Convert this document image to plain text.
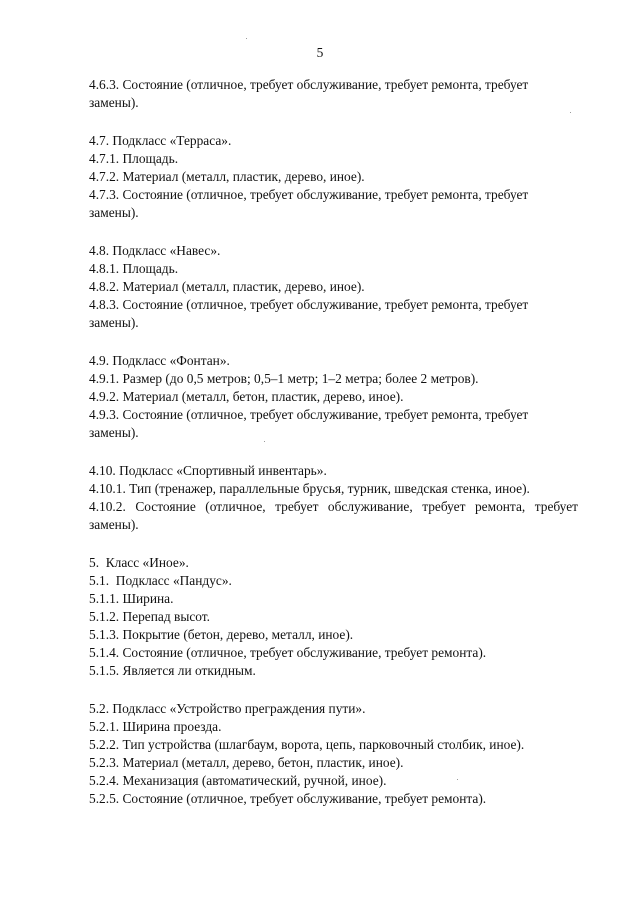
5

4.6.3. Состояние (отличное, требует обслуживание, требует ремонта, требует замены).

4.7. Подкласс «Терраса».

4.7.1. Площадь.

4.7.2. Материал (металл, пластик, дерево, иное).

4.7.3. Состояние (отличное, требует обслуживание, требует ремонта, требует замены).

4.8. Подкласс «Навес».

4.8.1. Площадь.

4.8.2. Материал (металл, пластик, дерево, иное).

4.8.3. Состояние (отличное, требует обслуживание, требует ремонта, требует замены).

4.9. Подкласс «Фонтан».

4.9.1. Размер (до 0,5 метров; 0,5–1 метр; 1–2 метра; более 2 метров).

4.9.2. Материал (металл, бетон, пластик, дерево, иное).

4.9.3. Состояние (отличное, требует обслуживание, требует ремонта, требует замены).

4.10. Подкласс «Спортивный инвентарь».

4.10.1. Тип (тренажер, параллельные брусья, турник, шведская стенка, иное).

4.10.2. Состояние (отличное, требует обслуживание, требует ремонта, требует замены).

5.  Класс «Иное».

5.1.  Подкласс «Пандус».

5.1.1. Ширина.

5.1.2. Перепад высот.

5.1.3. Покрытие (бетон, дерево, металл, иное).

5.1.4. Состояние (отличное, требует обслуживание, требует ремонта).

5.1.5. Является ли откидным.

5.2. Подкласс «Устройство преграждения пути».

5.2.1. Ширина проезда.

5.2.2. Тип устройства (шлагбаум, ворота, цепь, парковочный столбик, иное).

5.2.3. Материал (металл, дерево, бетон, пластик, иное).

5.2.4. Механизация (автоматический, ручной, иное).

5.2.5. Состояние (отличное, требует обслуживание, требует ремонта).
